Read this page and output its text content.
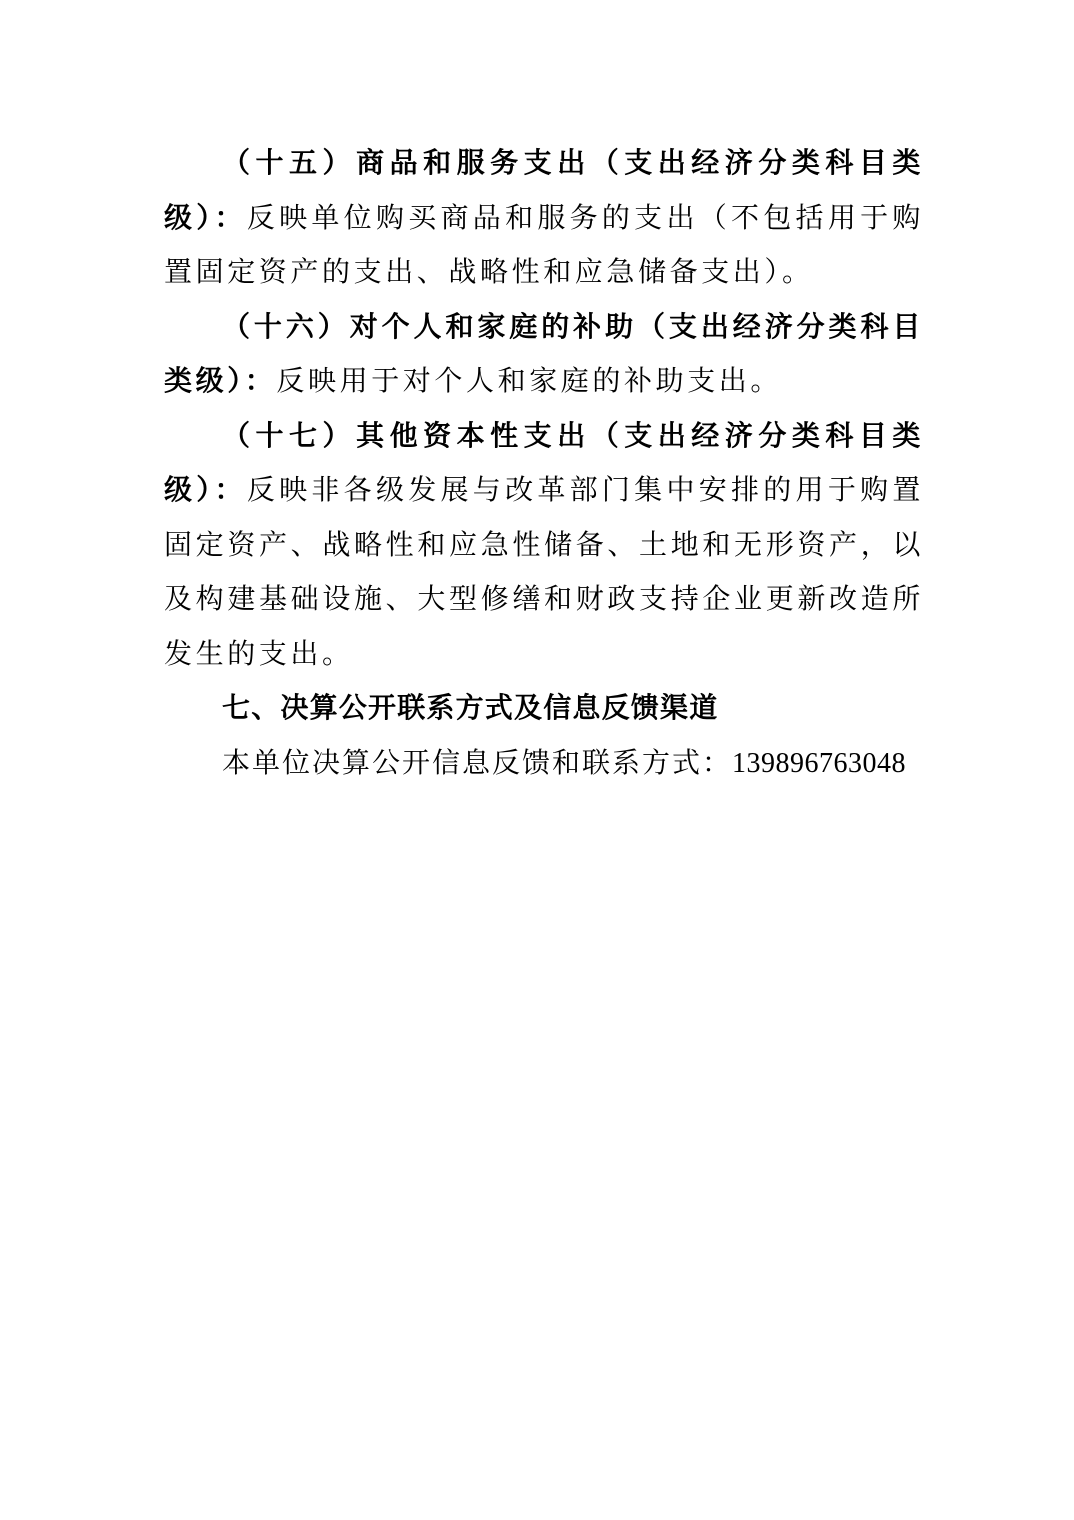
（十五）商品和服务支出（支出经济分类科目类级）：反映单位购买商品和服务的支出（不包括用于购置固定资产的支出、战略性和应急储备支出）。

（十六）对个人和家庭的补助（支出经济分类科目类级）：反映用于对个人和家庭的补助支出。

（十七）其他资本性支出（支出经济分类科目类级）：反映非各级发展与改革部门集中安排的用于购置固定资产、战略性和应急性储备、土地和无形资产，以及构建基础设施、大型修缮和财政支持企业更新改造所发生的支出。

七、决算公开联系方式及信息反馈渠道

本单位决算公开信息反馈和联系方式：13989676304​8
